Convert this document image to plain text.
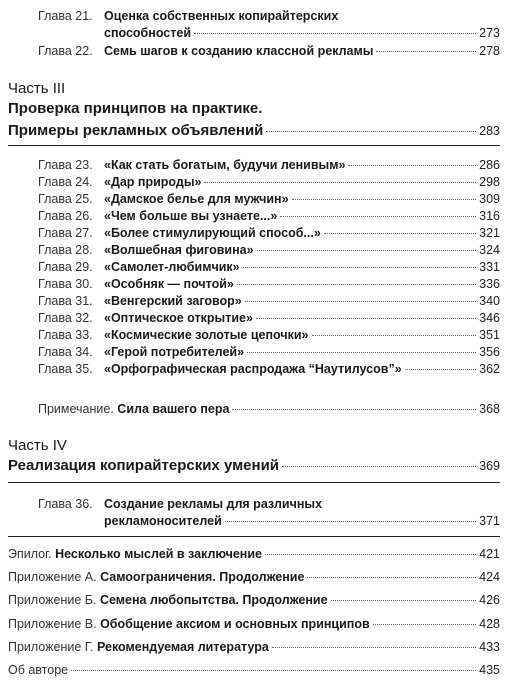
Глава 21. Оценка собственных копирайтерских
способностей	273
Глава 22. Семь шагов к созданию классной рекламы	278
Часть III
Проверка принципов на практике.
Примеры рекламных объявлений	283
Глава 23. «Как стать богатым, будучи ленивым»	286
Глава 24. «Дар природы»	298
Глава 25. «Дамское белье для мужчин»	309
Глава 26. «Чем больше вы узнаете...»	316
Глава 27. «Более стимулирующий способ...»	321
Глава 28. «Волшебная фиговина»	324
Глава 29. «Самолет-любимчик»	331
Глава 30. «Особняк — почтой»	336
Глава 31. «Венгерский заговор»	340
Глава 32. «Оптическое открытие»	346
Глава 33. «Космические золотые цепочки»	351
Глава 34. «Герой потребителей»	356
Глава 35. «Орфографическая распродажа “Наутилусов”»	362
Примечание. Сила вашего пера	368
Часть IV
Реализация копирайтерских умений	369
Глава 36. Создание рекламы для различных
рекламоносителей	371
Эпилог. Несколько мыслей в заключение	421
Приложение А. Самоограничения. Продолжение	424
Приложение Б. Семена любопытства. Продолжение	426
Приложение В. Обобщение аксиом и основных принципов	428
Приложение Г. Рекомендуемая литература	433
Об авторе	435
